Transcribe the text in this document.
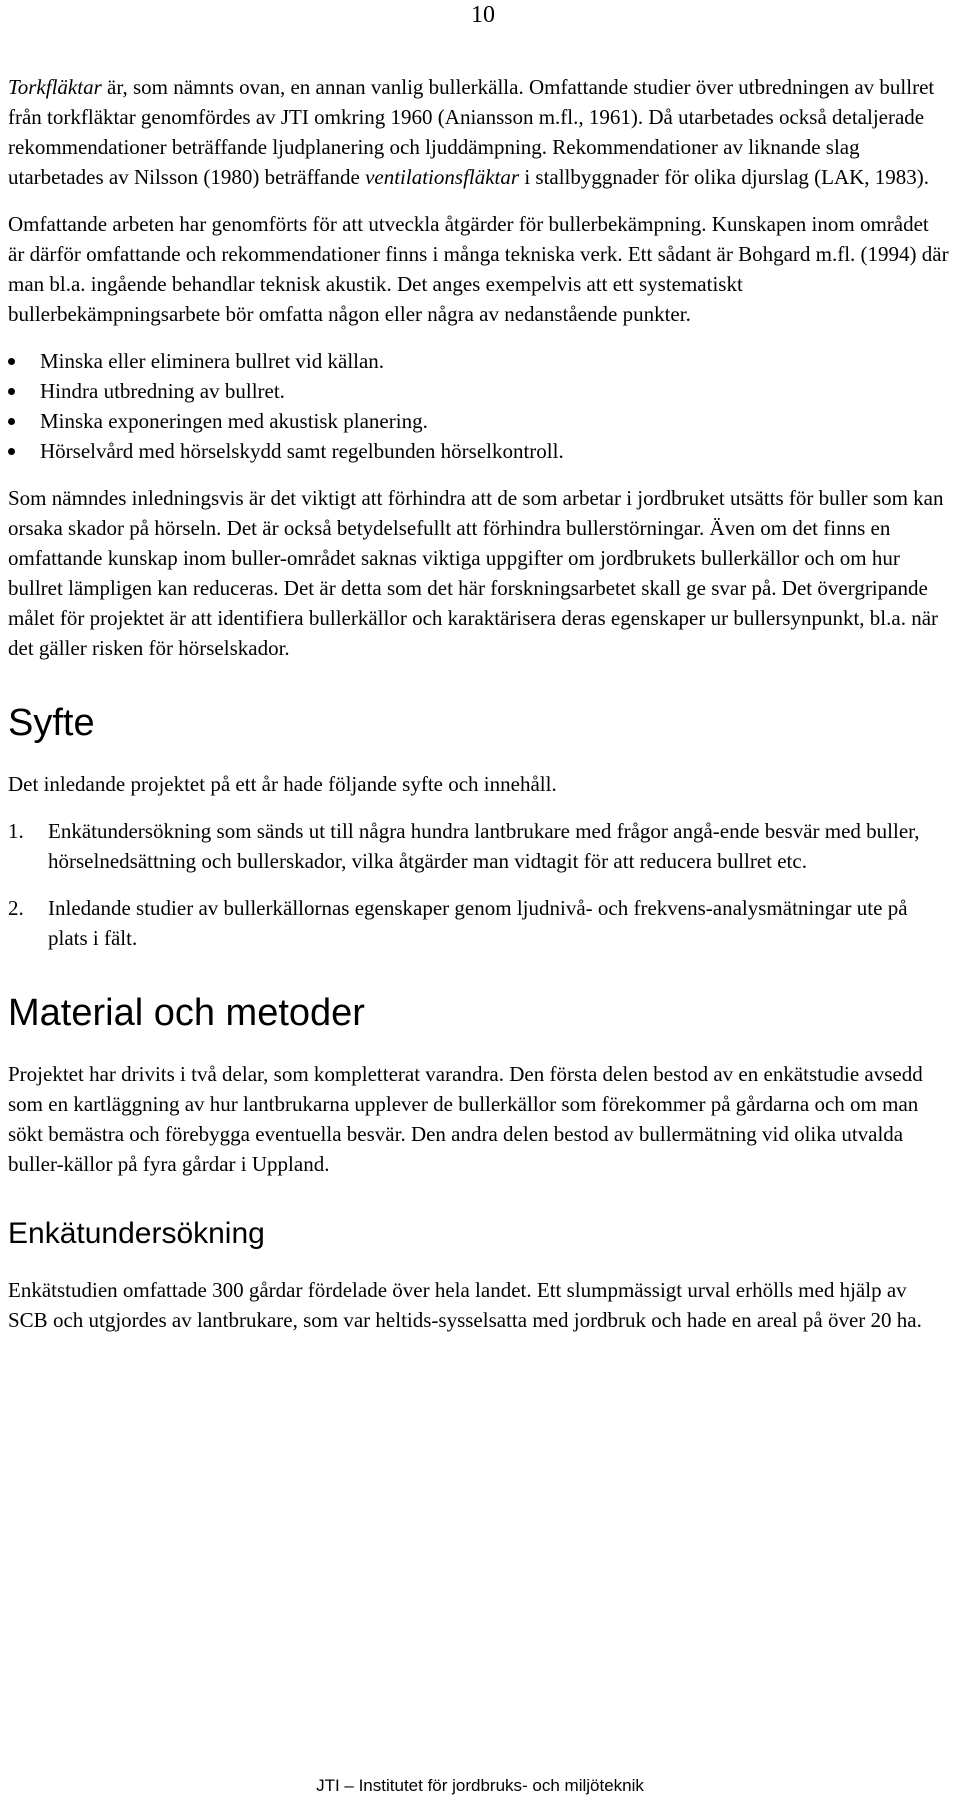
10

Torkfläktar är, som nämnts ovan, en annan vanlig bullerkälla. Omfattande studier över utbredningen av bullret från torkfläktar genomfördes av JTI omkring 1960 (Aniansson m.fl., 1961). Då utarbetades också detaljerade rekommendationer beträffande ljudplanering och ljuddämpning. Rekommendationer av liknande slag utarbetades av Nilsson (1980) beträffande ventilationsfläktar i stallbyggnader för olika djurslag (LAK, 1983).

Omfattande arbeten har genomförts för att utveckla åtgärder för bullerbekämpning. Kunskapen inom området är därför omfattande och rekommendationer finns i många tekniska verk. Ett sådant är Bohgard m.fl. (1994) där man bl.a. ingående behandlar teknisk akustik. Det anges exempelvis att ett systematiskt bullerbekämpningsarbete bör omfatta någon eller några av nedanstående punkter.

Minska eller eliminera bullret vid källan.
Hindra utbredning av bullret.
Minska exponeringen med akustisk planering.
Hörselvård med hörselskydd samt regelbunden hörselkontroll.

Som nämndes inledningsvis är det viktigt att förhindra att de som arbetar i jordbruket utsätts för buller som kan orsaka skador på hörseln. Det är också betydelsefullt att förhindra bullerstörningar. Även om det finns en omfattande kunskap inom buller-området saknas viktiga uppgifter om jordbrukets bullerkällor och om hur bullret lämpligen kan reduceras. Det är detta som det här forskningsarbetet skall ge svar på. Det övergripande målet för projektet är att identifiera bullerkällor och karaktärisera deras egenskaper ur bullersynpunkt, bl.a. när det gäller risken för hörselskador.

Syfte

Det inledande projektet på ett år hade följande syfte och innehåll.

1. Enkätundersökning som sänds ut till några hundra lantbrukare med frågor angå-ende besvär med buller, hörselnedsättning och bullerskador, vilka åtgärder man vidtagit för att reducera bullret etc.
2. Inledande studier av bullerkällornas egenskaper genom ljudnivå- och frekvens-analysmätningar ute på plats i fält.
Material och metoder

Projektet har drivits i två delar, som kompletterat varandra. Den första delen bestod av en enkätstudie avsedd som en kartläggning av hur lantbrukarna upplever de bullerkällor som förekommer på gårdarna och om man sökt bemästra och förebygga eventuella besvär. Den andra delen bestod av bullermätning vid olika utvalda buller-källor på fyra gårdar i Uppland.

Enkätundersökning

Enkätstudien omfattade 300 gårdar fördelade över hela landet. Ett slumpmässigt urval erhölls med hjälp av SCB och utgjordes av lantbrukare, som var heltids-sysselsatta med jordbruk och hade en areal på över 20 ha.

JTI – Institutet för jordbruks- och miljöteknik
